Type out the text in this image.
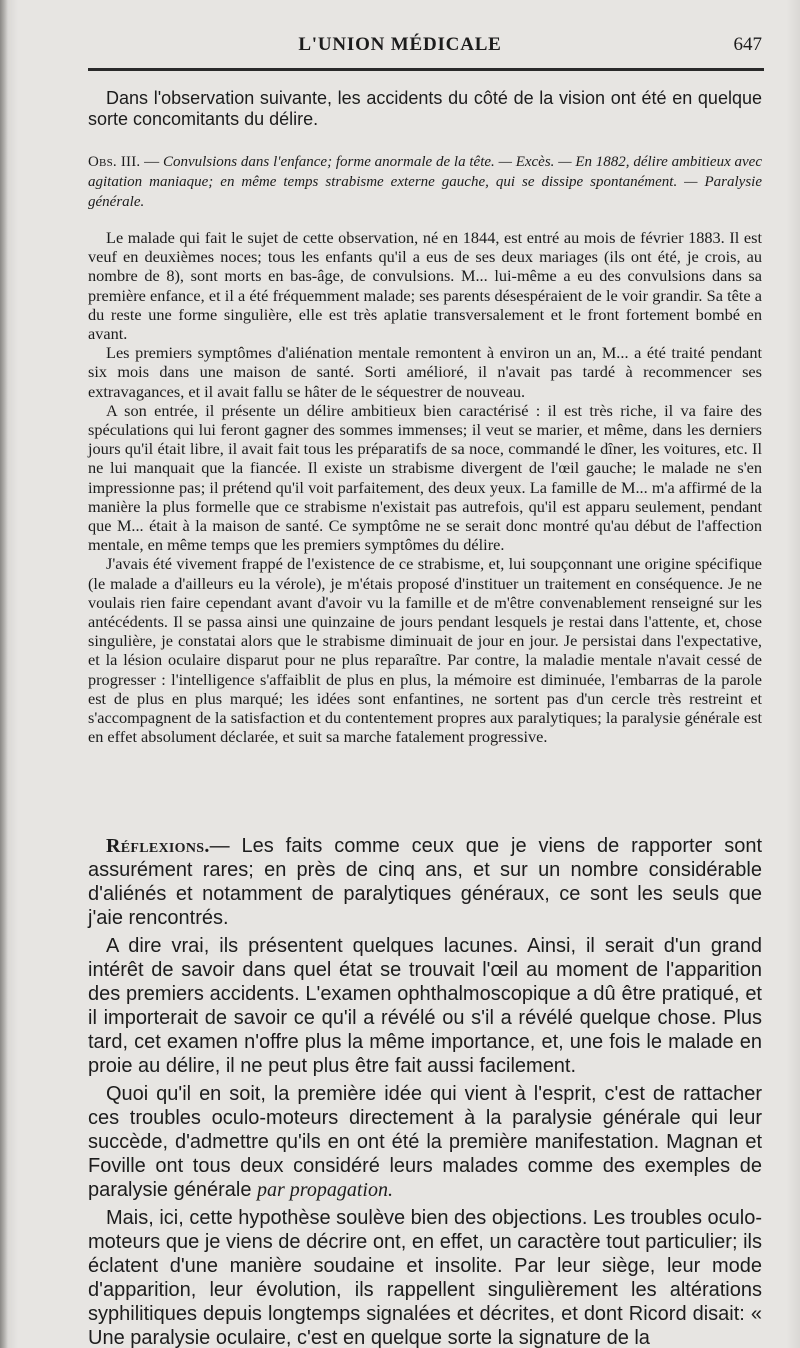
L'UNION MÉDICALE	647
Dans l'observation suivante, les accidents du côté de la vision ont été en quelque sorte concomitants du délire.
Obs. III. — Convulsions dans l'enfance; forme anormale de la tête. — Excès. — En 1882, délire ambitieux avec agitation maniaque; en même temps strabisme externe gauche, qui se dissipe spontanément. — Paralysie générale.

Le malade qui fait le sujet de cette observation, né en 1844, est entré au mois de février 1883. Il est veuf en deuxièmes noces; tous les enfants qu'il a eus de ses deux mariages (ils ont été, je crois, au nombre de 8), sont morts en bas-âge, de convulsions. M... lui-même a eu des convulsions dans sa première enfance, et il a été fréquemment malade; ses parents désespéraient de le voir grandir. Sa tête a du reste une forme singulière, elle est très aplatie transversalement et le front fortement bombé en avant.

Les premiers symptômes d'aliénation mentale remontent à environ un an, M... a été traité pendant six mois dans une maison de santé. Sorti amélioré, il n'avait pas tardé à recommencer ses extravagances, et il avait fallu se hâter de le séquestrer de nouveau.

A son entrée, il présente un délire ambitieux bien caractérisé : il est très riche, il va faire des spéculations qui lui feront gagner des sommes immenses; il veut se marier, et même, dans les derniers jours qu'il était libre, il avait fait tous les préparatifs de sa noce, commandé le dîner, les voitures, etc. Il ne lui manquait que la fiancée. Il existe un strabisme divergent de l'œil gauche; le malade ne s'en impressionne pas; il prétend qu'il voit parfaitement, des deux yeux. La famille de M... m'a affirmé de la manière la plus formelle que ce strabisme n'existait pas autrefois, qu'il est apparu seulement, pendant que M... était à la maison de santé. Ce symptôme ne se serait donc montré qu'au début de l'affection mentale, en même temps que les premiers symptômes du délire.

J'avais été vivement frappé de l'existence de ce strabisme, et, lui soupçonnant une origine spécifique (le malade a d'ailleurs eu la vérole), je m'étais proposé d'instituer un traitement en conséquence. Je ne voulais rien faire cependant avant d'avoir vu la famille et de m'être convenablement renseigné sur les antécédents. Il se passa ainsi une quinzaine de jours pendant lesquels je restai dans l'attente, et, chose singulière, je constatai alors que le strabisme diminuait de jour en jour. Je persistai dans l'expectative, et la lésion oculaire disparut pour ne plus reparaître. Par contre, la maladie mentale n'avait cessé de progresser : l'intelligence s'affaiblit de plus en plus, la mémoire est diminuée, l'embarras de la parole est de plus en plus marqué; les idées sont enfantines, ne sortent pas d'un cercle très restreint et s'accompagnent de la satisfaction et du contentement propres aux paralytiques; la paralysie générale est en effet absolument déclarée, et suit sa marche fatalement progressive.

Réflexions.— Les faits comme ceux que je viens de rapporter sont assurément rares; en près de cinq ans, et sur un nombre considérable d'aliénés et notamment de paralytiques généraux, ce sont les seuls que j'aie rencontrés.

A dire vrai, ils présentent quelques lacunes. Ainsi, il serait d'un grand intérêt de savoir dans quel état se trouvait l'œil au moment de l'apparition des premiers accidents. L'examen ophthalmoscopique a dû être pratiqué, et il importerait de savoir ce qu'il a révélé ou s'il a révélé quelque chose. Plus tard, cet examen n'offre plus la même importance, et, une fois le malade en proie au délire, il ne peut plus être fait aussi facilement.

Quoi qu'il en soit, la première idée qui vient à l'esprit, c'est de rattacher ces troubles oculo-moteurs directement à la paralysie générale qui leur succède, d'admettre qu'ils en ont été la première manifestation. Magnan et Foville ont tous deux considéré leurs malades comme des exemples de paralysie générale par propagation.

Mais, ici, cette hypothèse soulève bien des objections. Les troubles oculo-moteurs que je viens de décrire ont, en effet, un caractère tout particulier; ils éclatent d'une manière soudaine et insolite. Par leur siège, leur mode d'apparition, leur évolution, ils rappellent singulièrement les altérations syphilitiques depuis longtemps signalées et décrites, et dont Ricord disait: « Une paralysie oculaire, c'est en quelque sorte la signature de la
